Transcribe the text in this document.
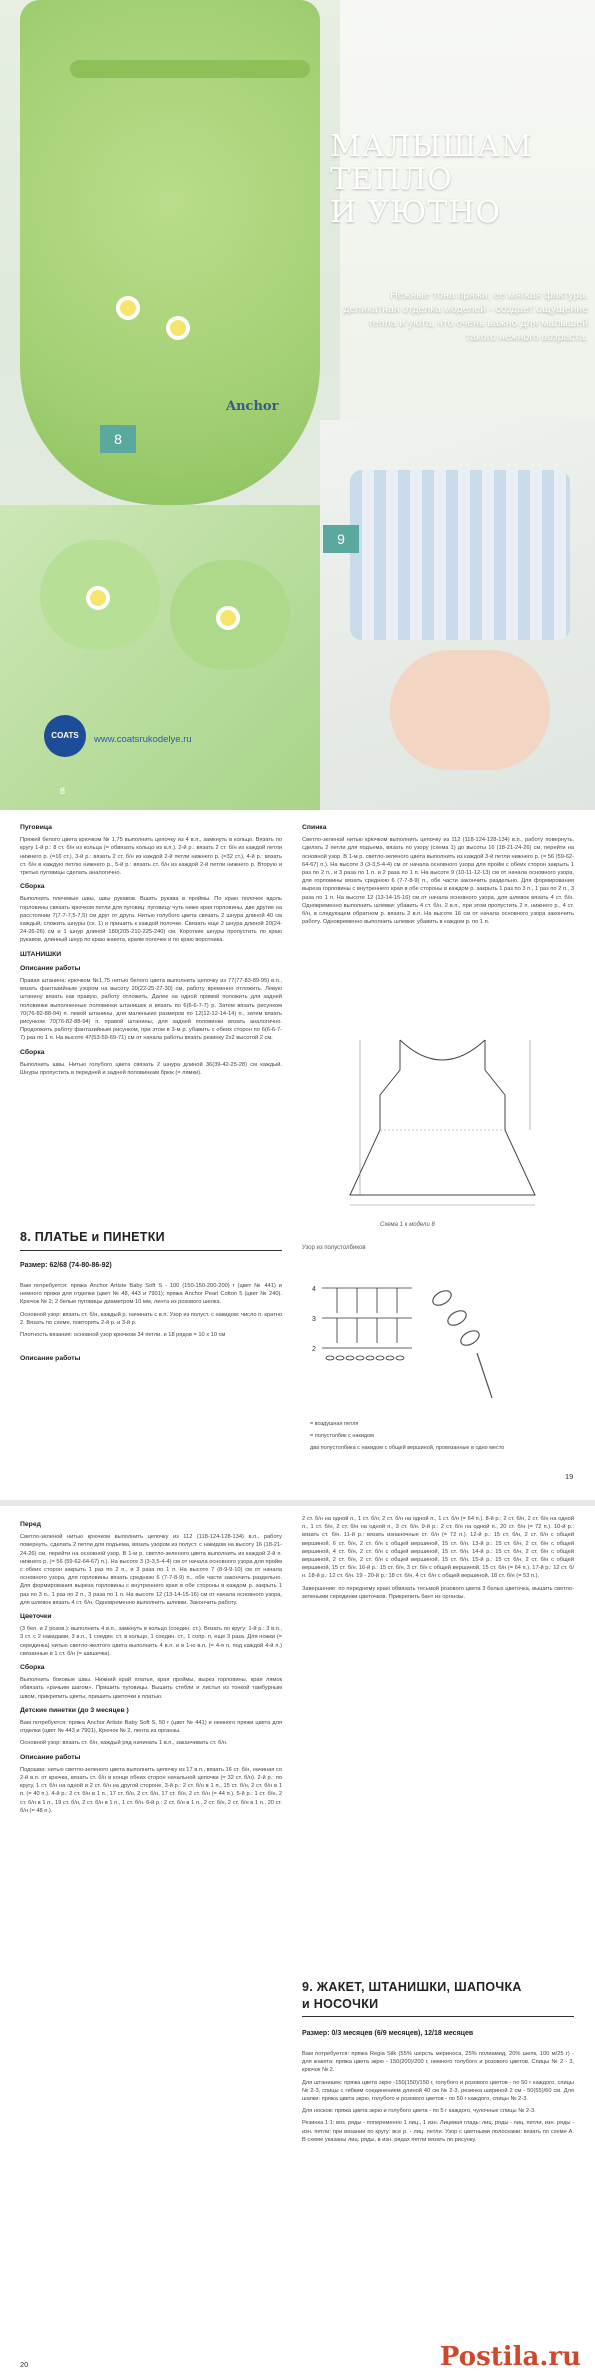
МАЛЫШАМ
ТЕПЛО
И УЮТНО
Нежные тона пряжи, ее мягкая фактура, деликатная отделка моделей - создает ощущение тепла и уюта, что очень важно для малышей такого нежного возраста.
8
9
Anchor
COATS	www.coatsrukodelye.ru
8
Пуговица

Пряжей белого цвета крючком № 1,75 выполнить цепочку из 4 в.п., замкнуть в кольцо. Вязать по кругу 1-й р.: 8 ст. б/н из кольца (= обвязать кольцо из в.п.). 2-й р.: вязать 2 ст. б/н из каждой петли нижнего р. (=16 ст.), 3-й р.: вязать 2 ст. б/н из каждой 2-й петли нижнего р. (=32 ст.), 4-й р.: вязать ст. б/н в каждую петлю нижнего р., 5-й р.: вязать ст. б/н из каждой 2-й петли нижнего р. Вторую и третью пуговицы сделать аналогично.

Сборка

Выполнить плечевые швы, швы рукавов. Вшить рукава в проймы. По краю полочек вдоль горловины связать крючком петли для пуговиц: пуговицу чуть ниже края горловины, две другие на расстоянии 7(7-7-7,5-7,5) см друг от друга. Нитью голубого цвета связать 2 шнура длиной 40 см каждый, сложить шнуры (сх. 1) и пришить к каждой полочке. Связать еще 2 шнура длиной 20(24-24-26-26) см и 1 шнур длиной 180(205-210-225-240) см. Короткие шнуры пропустить по краю рукавов, длинный шнур по краю жакета, краям полочек и по краю воротника.

ШТАНИШКИ
Описание работы

Правая штанина: крючком №1,75 нитью белого цвета выполнить цепочку из 77(77-83-89-95) в.п., вязать фантазийным узором на высоту 20(22-25-27-30) см, работу временно отложить. Левую штанину вязать как правую, работу отложить. Далее на одной прямой положить для задней половинки выполненные половинки штанишек и вязать по 6(6-6-7-7) р. Затем вязать рисунком 70(76-82-88-94) п. левой штанины, для маленьких размеров по 12(12-12-14-14) п., затем вязать рисунком 70(76-82-88-94) п. правой штанины, для задней половинки вязать аналогично. Продолжить работу фантазийным рисунком, при этом в 3-м р. убавить с обеих сторон по 6(6-6-7-7) раз по 1 п. На высоте 47(53-59-69-71) см от начала работы вязать резинку 2х2 высотой 2 см.

Сборка

Выполнить швы. Нитью голубого цвета связать 2 шнура длиной 36(39-42-25-28) см каждый. Шнуры пропустить в передней и задней половинкам брюк (= лямки).

Спинка

Светло-зеленой нитью крючком выполнить цепочку из 112 (118-124-128-134) в.п., работу повернуть, сделать 2 петли для подъема, вязать по узору (схема 1) до высоты 16 (18-21-24-26) см, перейти на основной узор. В 1-м р. светло-зеленого цвета выполнить из каждой 3-й петли нижнего р. (= 56 (59-62-64-67) п.). На высоте 3 (3-3,5-4-4) см от начала основного узора для пройм с обеих сторон закрыть 1 раз по 2 п., и 3 раза по 1 п. и 2 раза по 1 п. На высоте 9 (10-11-12-13) см от начала основного узора, для горловины вязать среднюю 6 (7-7-8-9) п., обе части закончить раздельно. Для формирования выреза горловины с внутреннего края в обе стороны в каждом р. закрыть 1 раз по 3 п., 1 раз по 2 п., 3 раза по 1 п. На высоте 12 (13-14-15-16) см от начала основного узора, для шлевок вязать 4 ст. б/н. Одновременно выполнить шлевки: убавить 4 ст. б/н, 2 в.п., при этом пропустить 2 п. нижнего р., 4 ст. б/н, в следующем обратном р. вязать 2 в.п. На высоте 16 см от начала основного узора закончить работу. Одновременно выполнить шлевки: убавить в каждом р. по 1 п.

Схема 1 к модели 8
8. ПЛАТЬЕ и ПИНЕТКИ
Размер: 62/68 (74-80-86-92)

Вам потребуется: пряжа Anchor Artiste Baby Soft S - 100 (150-150-200-200) г (цвет № 441) и немного пряжи для отделки (цвет № 48, 443 и 7901); пряжа Anchor Pearl Cotton 5 (цвет № 240). Крючок № 2; 2 белые пуговицы диаметром 10 мм, лента из розового шелка.

Основной узор: вязать ст. б/н, каждый р. начинать с в.п. Узор из полуст. с накидом: число п. кратно 2. Вязать по схеме, повторять 2-й р. и 3-й р.

Плотность вязания: основной узор крючком 34 петли. и 18 рядов = 10 х 10 см

Описание работы
Узор из полустолбиков
4
3
2

= воздушная петля

= полустолбик с накидом

два полустолбика с накидом с общей вершиной, провязанные в одно место

19
Перед

Светло-зеленой нитью крючком выполнить цепочку из 112 (118-124-128-134) в.п., работу повернуть, сделать 2 петли для подъема, вязать узором из полуст. с накидом на высоту 16 (18-21-24-26) см, перейти на основной узор. В 1-м р. светло-зеленого цвета выполнить из каждой 2-й п. нижнего р. (= 56 (59-62-64-67) п.). На высоте 3 (3-3,5-4-4) см от начала основного узора для пройм с обеих сторон закрыть 1 раз по 2 п., и 3 раза по 1 п. На высоте 7 (8-9-9-10) см от начала основного узора, для горловины вязать среднюю 6 (7-7-8-9) п., обе части закончить раздельно. Для формирования выреза горловины с внутреннего края в обе стороны в каждом р. закрыть 1 раз по 3 п., 1 раз по 2 п., 3 раза по 1 п. На высоте 12 (13-14-15-16) см от начала основного узора, для шлевок вязать 4 ст. б/н. Одновременно выполнить шлевки. Закончить работу.

Цветочки

(3 бел. и 2 розов.): выполнить 4 в.п., замкнуть в кольцо (соедин. ст.). Вязать по кругу: 1-й р.: 3 в.п., 3 ст. с 2 накидами, 3 в.п., 1 соедин. ст. в кольцо, 1 соедин. ст., 1 сопр. п. еще 3 раза. Для ножки (= серединка) нитью светло-желтого цвета выполнить 4 в.п. и в 1-ю в.п. (= 4-я п. под каждой 4-й п.) связанные в 1 ст. б/н (= шишечка).

Сборка

Выполнить боковые швы. Нижний край платья, края проймы, вырез горловины, края лямок обвязать «рачьим шагом». Пришить пуговицы. Вышить стебли и листья из тонкой тамбурным швом, прикрепить цветы, пришить цветочки к платью.

Детские пинетки (до 3 месяцев )

Вам потребуется: пряжа Anchor Artiste Baby Soft S, 50 г (цвет № 441) и немного пряжи цвета для отделки (цвет № 443 и 7901), Крючок № 2, лента из органзы.

Основной узор: вязать ст. б/н, каждый ряд начинать 1 в.п., заканчивать ст. б/н.

Описание работы

Подошва: нитью светло-зеленого цвета выполнить цепочку из 17 в.п., вязать 16 ст. б/н, начиная со 2-й в.п. от крючка, вязать ст. б/н в конце обеих сторон начальной цепочки (= 32 ст. б/н). 2-й р.: по кругу, 1 ст. б/н на одной и 2 ст. б/н на другой стороне, 3-й р.: 2 ст. б/н в 1 п., 15 ст. б/н, 2 ст. б/н в 1 п. (= 40 п.). 4-й р.: 2 ст. б/н в 1 п., 17 ст. б/н, 2 ст. б/н, 17 ст. б/н, 2 ст. б/н (= 44 п.). 5-й р.: 1 ст. б/н, 2 ст. б/н в 1 п., 19 ст. б/н, 2 ст. б/н в 1 п., 1 ст. б/н. 6-й р.: 2 ст. б/н в 1 п., 2 ст. б/н, 2 ст. б/н в 1 п., 20 ст. б/н (= 48 п.).

2 ст. б/н на одной п., 1 ст. б/н, 2 ст. б/н на одной п., 1 ст. б/н (= 64 п.). 8-й р.: 2 ст. б/н, 2 ст. б/н на одной п., 1 ст. б/н, 2 ст. б/н на одной п., 3 ст. б/н. 9-й р.: 2 ст. б/н на одной п., 20 ст. б/н (= 72 п.). 10-й р.: вязать ст. б/н. 11-й р.: вязать изнаночные ст. б/н (= 72 п.). 12-й р.: 15 ст. б/н, 2 ст. б/н с общей вершиной, 6 ст. б/н, 2 ст. б/н с общей вершиной, 15 ст. б/н. 13-й р.: 15 ст. б/н, 2 ст. б/н с общей вершиной, 4 ст. б/н, 2 ст. б/н с общей вершиной, 15 ст. б/н. 14-й р.: 15 ст. б/н, 2 ст. б/н с общей вершиной, 2 ст. б/н, 2 ст. б/н с общей вершиной, 15 ст. б/н. 15-й р.: 15 ст. б/н, 2 ст. б/н с общей вершиной, 15 ст. б/н. 16-й р.: 15 ст. б/н, 3 ст. б/н с общей вершиной, 15 ст. б/н (= 64 п.). 17-й р.: 12 ст. б/н. 18-й р.: 12 ст. б/н. 19 - 20-й р.: 18 ст. б/н, 4 ст. б/н с общей вершиной, 18 ст. б/н (= 53 п.).

Завершение: по переднему краю обвязать тесьмой розового цвета 3 белых цветочка, вышить светло-зелеными серединки цветочков. Прикрепить бант из органзы.

9. ЖАКЕТ, ШТАНИШКИ, ШАПОЧКА
и НОСОЧКИ
Размер: 0/3 месяцев (6/9 месяцев), 12/18 месяцев

Вам потребуется: пряжа Regia Silk (55% шерсть мериноса, 25% полиамид, 20% шелк, 100 м/25 г) - для жакета: пряжа цвета экрю - 150(200)/200 г, немного голубого и розового цветов. Спицы № 2 - 3, крючок № 2.

Для штанишек: пряжа цвета экрю -150(150)/150 г, голубого и розового цветов - по 50 г каждого, спицы № 2-3, спицы с гибким соединением длиной 40 см № 2-3, резинка шириной 2 см - 50(55)/60 см. Для шапки: пряжа цвета экрю, голубого и розового цветов - по 50 г каждого, спицы № 2-3.

Для носков: пряжа цвета экрю и голубого цвета - по 5 г каждого, чулочные спицы № 2-3.

Резинка 1:1: вяз. ряды - попеременно 1 лиц., 1 изн. Лицевая гладь: лиц. ряды - лиц. петли, изн. ряды - изн. петли; при вязании по кругу: все р. - лиц. петли. Узор с цветными полосками: вязать по схеме А. В схеме указаны лиц. ряды, в изн. рядах петли вязать по рисунку.

20	Postila.ru
